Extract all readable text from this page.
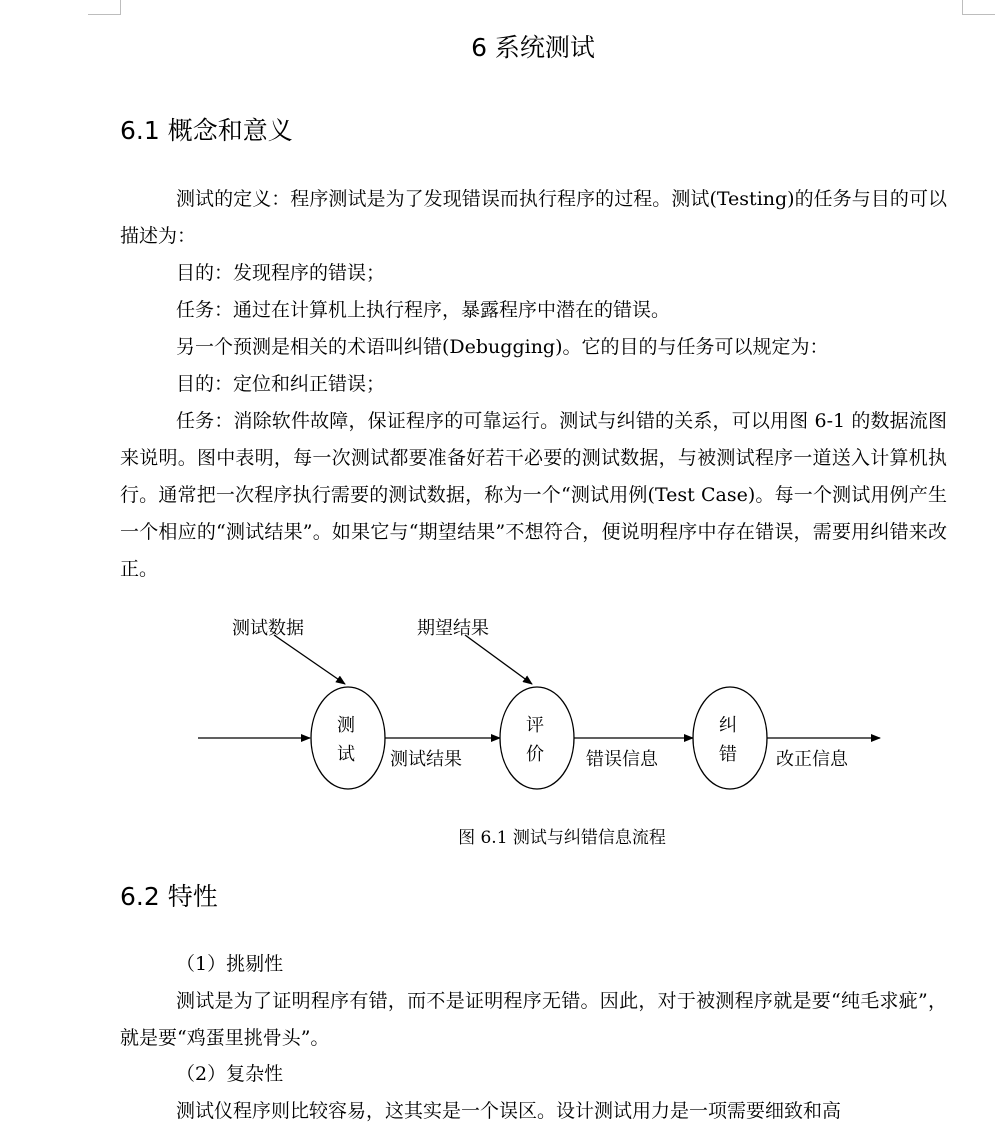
6 系统测试
6.1 概念和意义
测试的定义：程序测试是为了发现错误而执行程序的过程。测试(Testing)的任务与目的可以描述为：
目的：发现程序的错误；
任务：通过在计算机上执行程序，暴露程序中潜在的错误。
另一个预测是相关的术语叫纠错(Debugging)。它的目的与任务可以规定为：
目的：定位和纠正错误；
任务：消除软件故障，保证程序的可靠运行。测试与纠错的关系，可以用图 6-1 的数据流图来说明。图中表明，每一次测试都要准备好若干必要的测试数据，与被测试程序一道送入计算机执行。通常把一次程序执行需要的测试数据，称为一个“测试用例(Test Case)。每一个测试用例产生一个相应的“测试结果”。如果它与“期望结果”不想符合，便说明程序中存在错误，需要用纠错来改正。
测试数据	期望结果
测
试 测试结果
评
价 错误信息
纠
错 改正信息
图 6.1 测试与纠错信息流程
6.2 特性
（1）挑剔性
测试是为了证明程序有错，而不是证明程序无错。因此，对于被测程序就是要“纯毛求疵”，就是要“鸡蛋里挑骨头”。
（2）复杂性
测试仪程序则比较容易，这其实是一个误区。设计测试用力是一项需要细致和高
